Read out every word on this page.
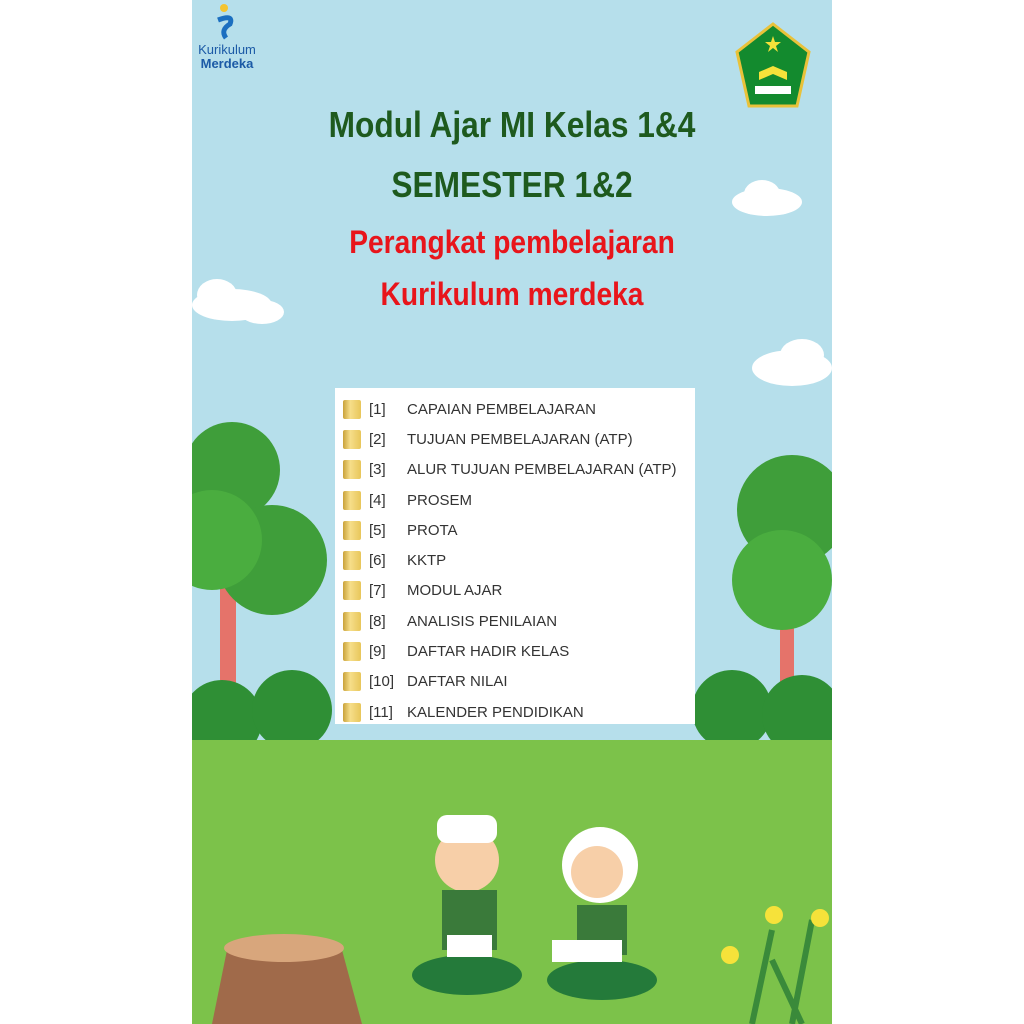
Kurikulum
Merdeka
Modul Ajar MI Kelas 1&4
SEMESTER 1&2
Perangkat pembelajaran
Kurikulum merdeka
[1]	CAPAIAN PEMBELAJARAN
[2]	TUJUAN PEMBELAJARAN (ATP)
[3]	ALUR TUJUAN PEMBELAJARAN (ATP)
[4]	PROSEM
[5]	PROTA
[6]	KKTP
[7]	MODUL AJAR
[8]	ANALISIS PENILAIAN
[9]	DAFTAR HADIR KELAS
[10] DAFTAR NILAI
[11] KALENDER PENDIDIKAN
